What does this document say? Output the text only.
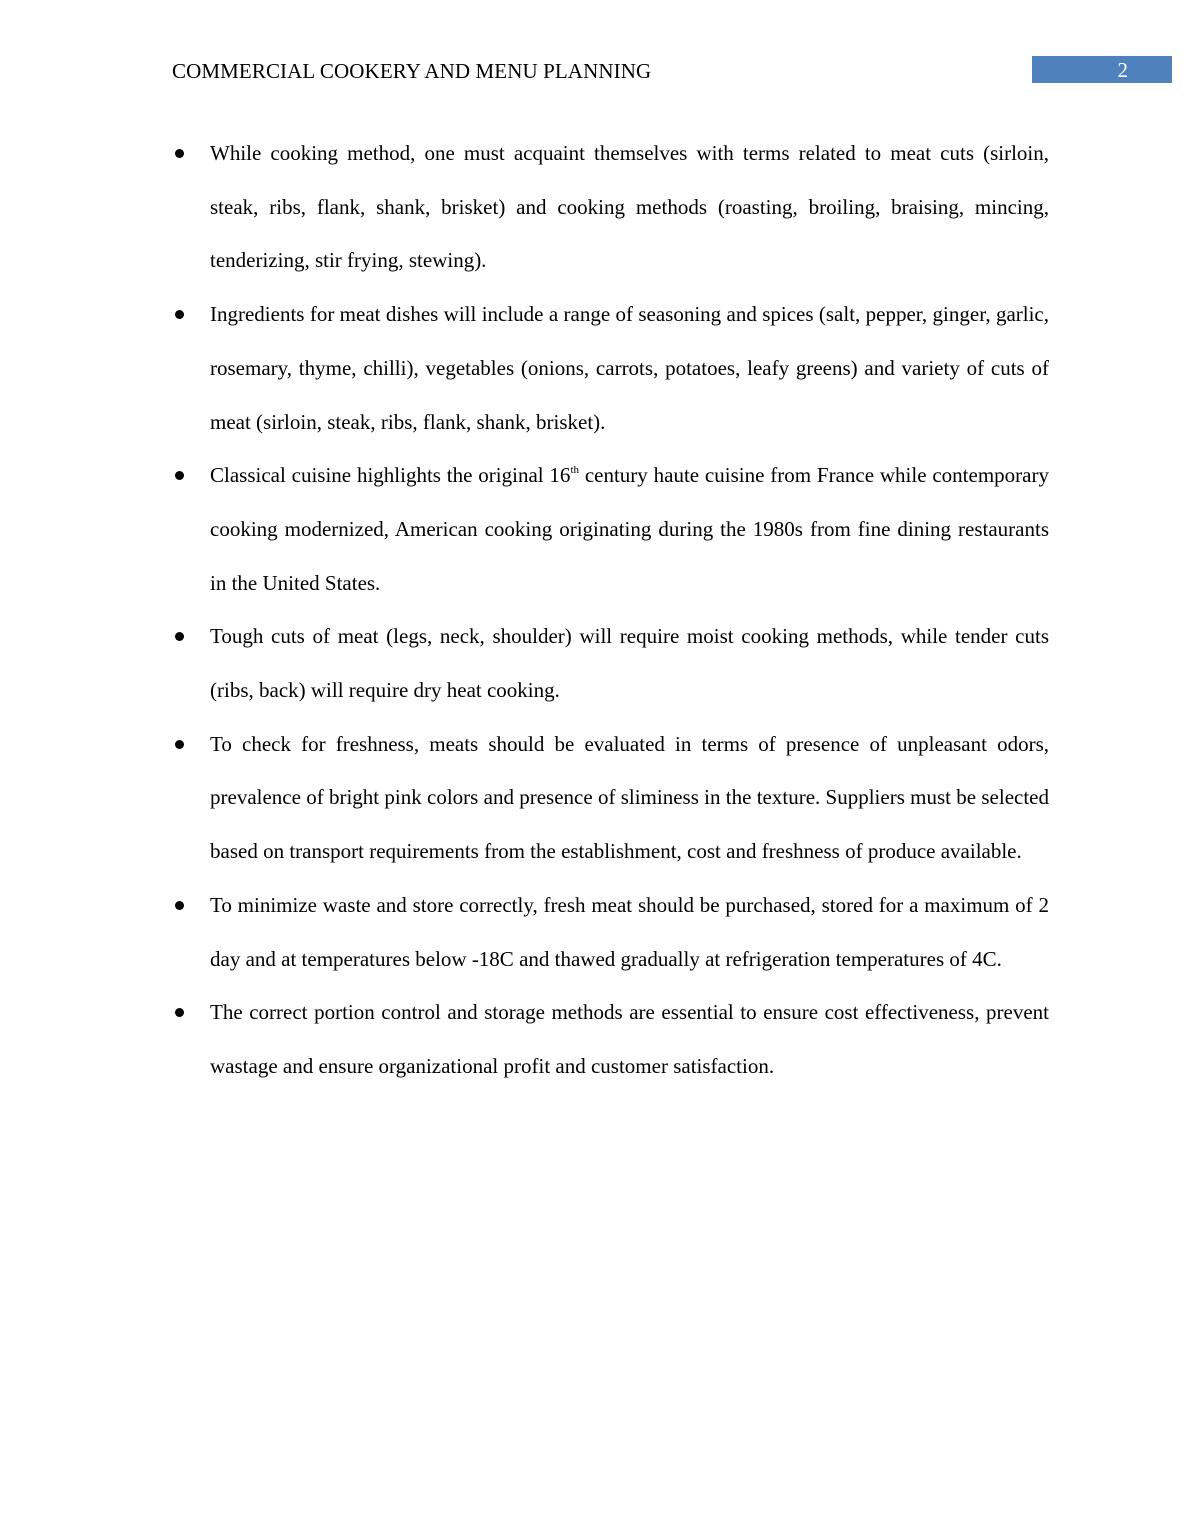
COMMERCIAL COOKERY AND MENU PLANNING	2
While cooking method, one must acquaint themselves with terms related to meat cuts (sirloin, steak, ribs, flank, shank, brisket) and cooking methods (roasting, broiling, braising, mincing, tenderizing, stir frying, stewing).
Ingredients for meat dishes will include a range of seasoning and spices (salt, pepper, ginger, garlic, rosemary, thyme, chilli), vegetables (onions, carrots, potatoes, leafy greens) and variety of cuts of meat (sirloin, steak, ribs, flank, shank, brisket).
Classical cuisine highlights the original 16th century haute cuisine from France while contemporary cooking modernized, American cooking originating during the 1980s from fine dining restaurants in the United States.
Tough cuts of meat (legs, neck, shoulder) will require moist cooking methods, while tender cuts (ribs, back) will require dry heat cooking.
To check for freshness, meats should be evaluated in terms of presence of unpleasant odors, prevalence of bright pink colors and presence of sliminess in the texture. Suppliers must be selected based on transport requirements from the establishment, cost and freshness of produce available.
To minimize waste and store correctly, fresh meat should be purchased, stored for a maximum of 2 day and at temperatures below -18C and thawed gradually at refrigeration temperatures of 4C.
The correct portion control and storage methods are essential to ensure cost effectiveness, prevent wastage and ensure organizational profit and customer satisfaction.
